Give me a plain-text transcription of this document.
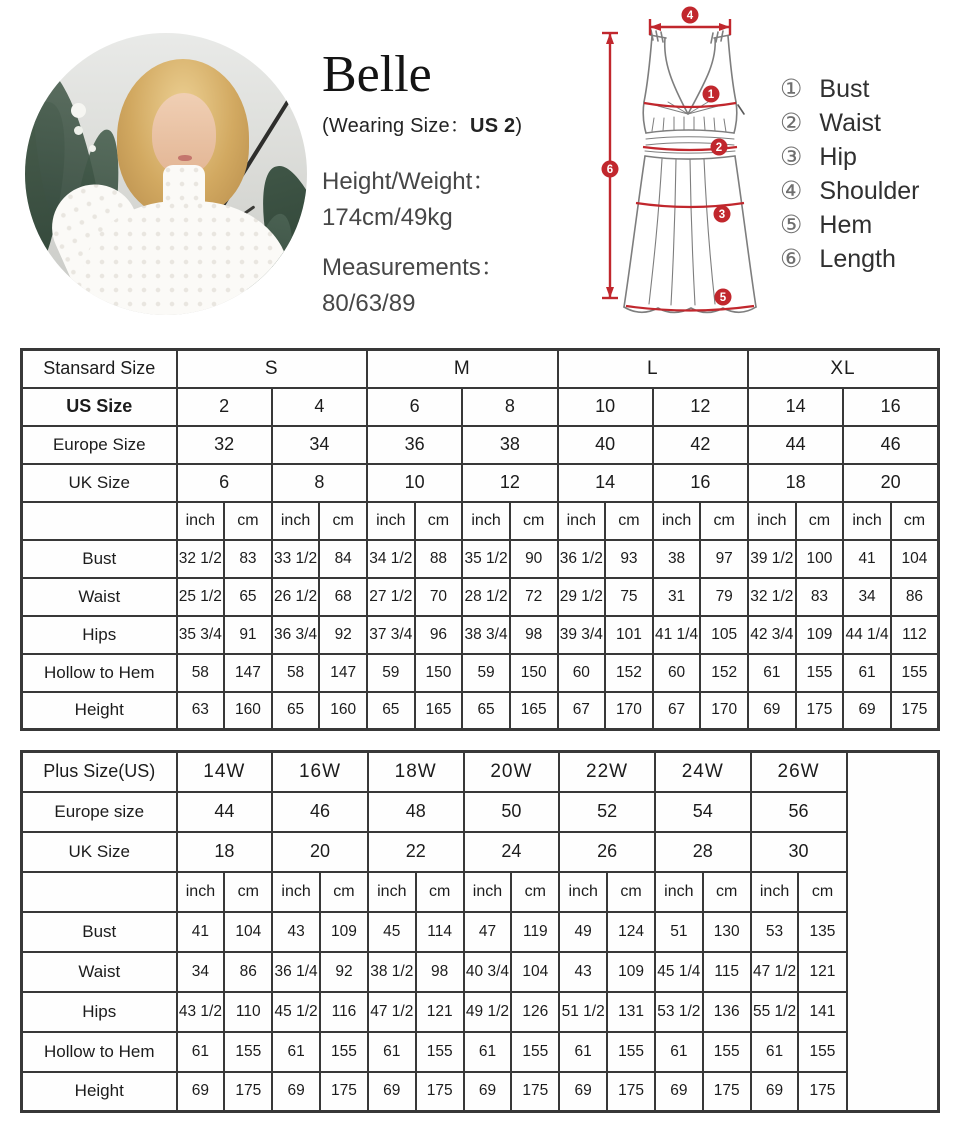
Belle
(Wearing Size：US 2)
Height/Weight：
174cm/49kg
Measurements：
80/63/89
4
6
1
2
3
5
① Bust
② Waist
③ Hip
④ Shoulder
⑤ Hem
⑥ Length
Stansard Size	S				M				L				XL			
US Size	2		4		6		8		10		12		14		16	
Europe Size	32		34		36		38		40		42		44		46	
UK Size	6		8		10		12		14		16		18		20	
	inch	cm	inch	cm	inch	cm	inch	cm	inch	cm	inch	cm	inch	cm	inch	cm
Bust	32 1/2	83	33 1/2	84	34 1/2	88	35 1/2	90	36 1/2	93	38	97	39 1/2	100	41	104
Waist	25 1/2	65	26 1/2	68	27 1/2	70	28 1/2	72	29 1/2	75	31	79	32 1/2	83	34	86
Hips	35 3/4	91	36 3/4	92	37 3/4	96	38 3/4	98	39 3/4	101	41 1/4	105	42 3/4	109	44 1/4	112
Hollow to Hem	58	147	58	147	59	150	59	150	60	152	60	152	61	155	61	155
Height	63	160	65	160	65	165	65	165	67	170	67	170	69	175	69	175
Plus Size(US)	14W		16W		18W		20W		22W		24W		26W		
Europe size	44		46		48		50		52		54		56		
UK Size	18		20		22		24		26		28		30		
	inch	cm	inch	cm	inch	cm	inch	cm	inch	cm	inch	cm	inch	cm	
Bust	41	104	43	109	45	114	47	119	49	124	51	130	53	135	
Waist	34	86	36 1/4	92	38 1/2	98	40 3/4	104	43	109	45 1/4	115	47 1/2	121	
Hips	43 1/2	110	45 1/2	116	47 1/2	121	49 1/2	126	51 1/2	131	53 1/2	136	55 1/2	141	
Hollow to Hem	61	155	61	155	61	155	61	155	61	155	61	155	61	155	
Height	69	175	69	175	69	175	69	175	69	175	69	175	69	175	
